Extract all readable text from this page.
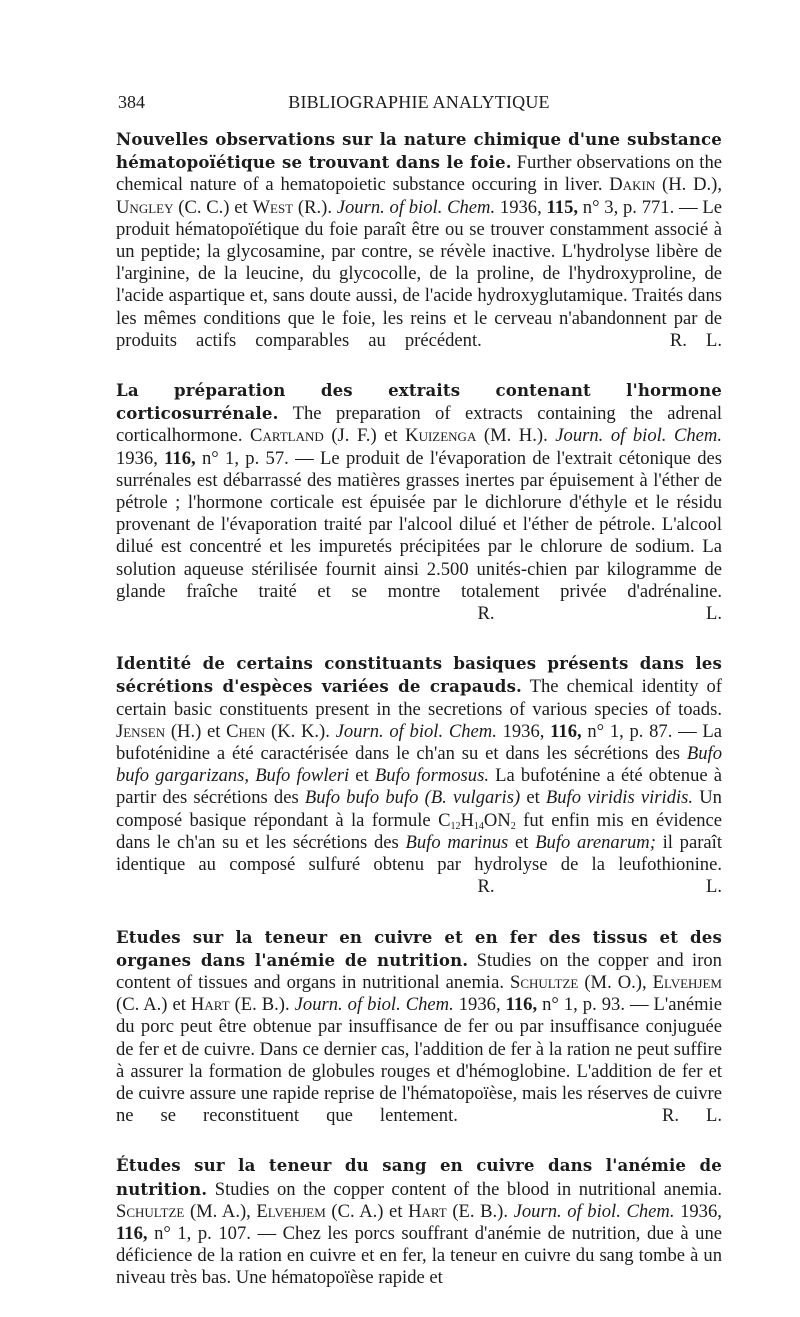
384	BIBLIOGRAPHIE ANALYTIQUE

Nouvelles observations sur la nature chimique d'une substance hématopoïétique se trouvant dans le foie. Further observations on the chemical nature of a hematopoietic substance occuring in liver. Dakin (H. D.), Ungley (C. C.) et West (R.). Journ. of biol. Chem. 1936, 115, n° 3, p. 771. — Le produit hématopoïétique du foie paraît être ou se trouver constamment associé à un peptide; la glycosamine, par contre, se révèle inactive. L'hydrolyse libère de l'arginine, de la leucine, du glycocolle, de la proline, de l'hydroxyproline, de l'acide aspartique et, sans doute aussi, de l'acide hydroxyglutamique. Traités dans les mêmes conditions que le foie, les reins et le cerveau n'abandonnent par de produits actifs comparables au précédent.	R. L.

La préparation des extraits contenant l'hormone corticosurrénale. The preparation of extracts containing the adrenal corticalhormone. Cartland (J. F.) et Kuizenga (M. H.). Journ. of biol. Chem. 1936, 116, n° 1, p. 57. — Le produit de l'évaporation de l'extrait cétonique des surrénales est débarrassé des matières grasses inertes par épuisement à l'éther de pétrole ; l'hormone corticale est épuisée par le dichlorure d'éthyle et le résidu provenant de l'évaporation traité par l'alcool dilué et l'éther de pétrole. L'alcool dilué est concentré et les impuretés précipitées par le chlorure de sodium. La solution aqueuse stérilisée fournit ainsi 2.500 unités-chien par kilogramme de glande fraîche traité et se montre totalement privée d'adrénaline.  R. L.

Identité de certains constituants basiques présents dans les sécrétions d'espèces variées de crapauds. The chemical identity of certain basic constituents present in the secretions of various species of toads. Jensen (H.) et Chen (K. K.). Journ. of biol. Chem. 1936, 116, n° 1, p. 87. — La bufoténidine a été caractérisée dans le ch'an su et dans les sécrétions des Bufo bufo gargarizans, Bufo fowleri et Bufo formosus. La bufoténine a été obtenue à partir des sécrétions des Bufo bufo bufo (B. vulgaris) et Bufo viridis viridis. Un composé basique répondant à la formule $C_{12}H_{14}ON_2$ fut enfin mis en évidence dans le ch'an su et les sécrétions des Bufo marinus et Bufo arenarum; il paraît identique au composé sulfuré obtenu par hydrolyse de la leufothionine.  R. L.

Etudes sur la teneur en cuivre et en fer des tissus et des organes dans l'anémie de nutrition. Studies on the copper and iron content of tissues and organs in nutritional anemia. Schultze (M. O.), Elvehjem (C. A.) et Hart (E. B.). Journ. of biol. Chem. 1936, 116, n° 1, p. 93. — L'anémie du porc peut être obtenue par insuffisance de fer ou par insuffisance conjuguée de fer et de cuivre. Dans ce dernier cas, l'addition de fer à la ration ne peut suffire à assurer la formation de globules rouges et d'hémoglobine. L'addition de fer et de cuivre assure une rapide reprise de l'hématopoïèse, mais les réserves de cuivre ne se reconstituent que lentement.	R. L.

Études sur la teneur du sang en cuivre dans l'anémie de nutrition. Studies on the copper content of the blood in nutritional anemia. Schultze (M. A.), Elvehjem (C. A.) et Hart (E. B.). Journ. of biol. Chem. 1936, 116, n° 1, p. 107. — Chez les porcs souffrant d'anémie de nutrition, due à une déficience de la ration en cuivre et en fer, la teneur en cuivre du sang tombe à un niveau très bas. Une hématopoïèse rapide et
